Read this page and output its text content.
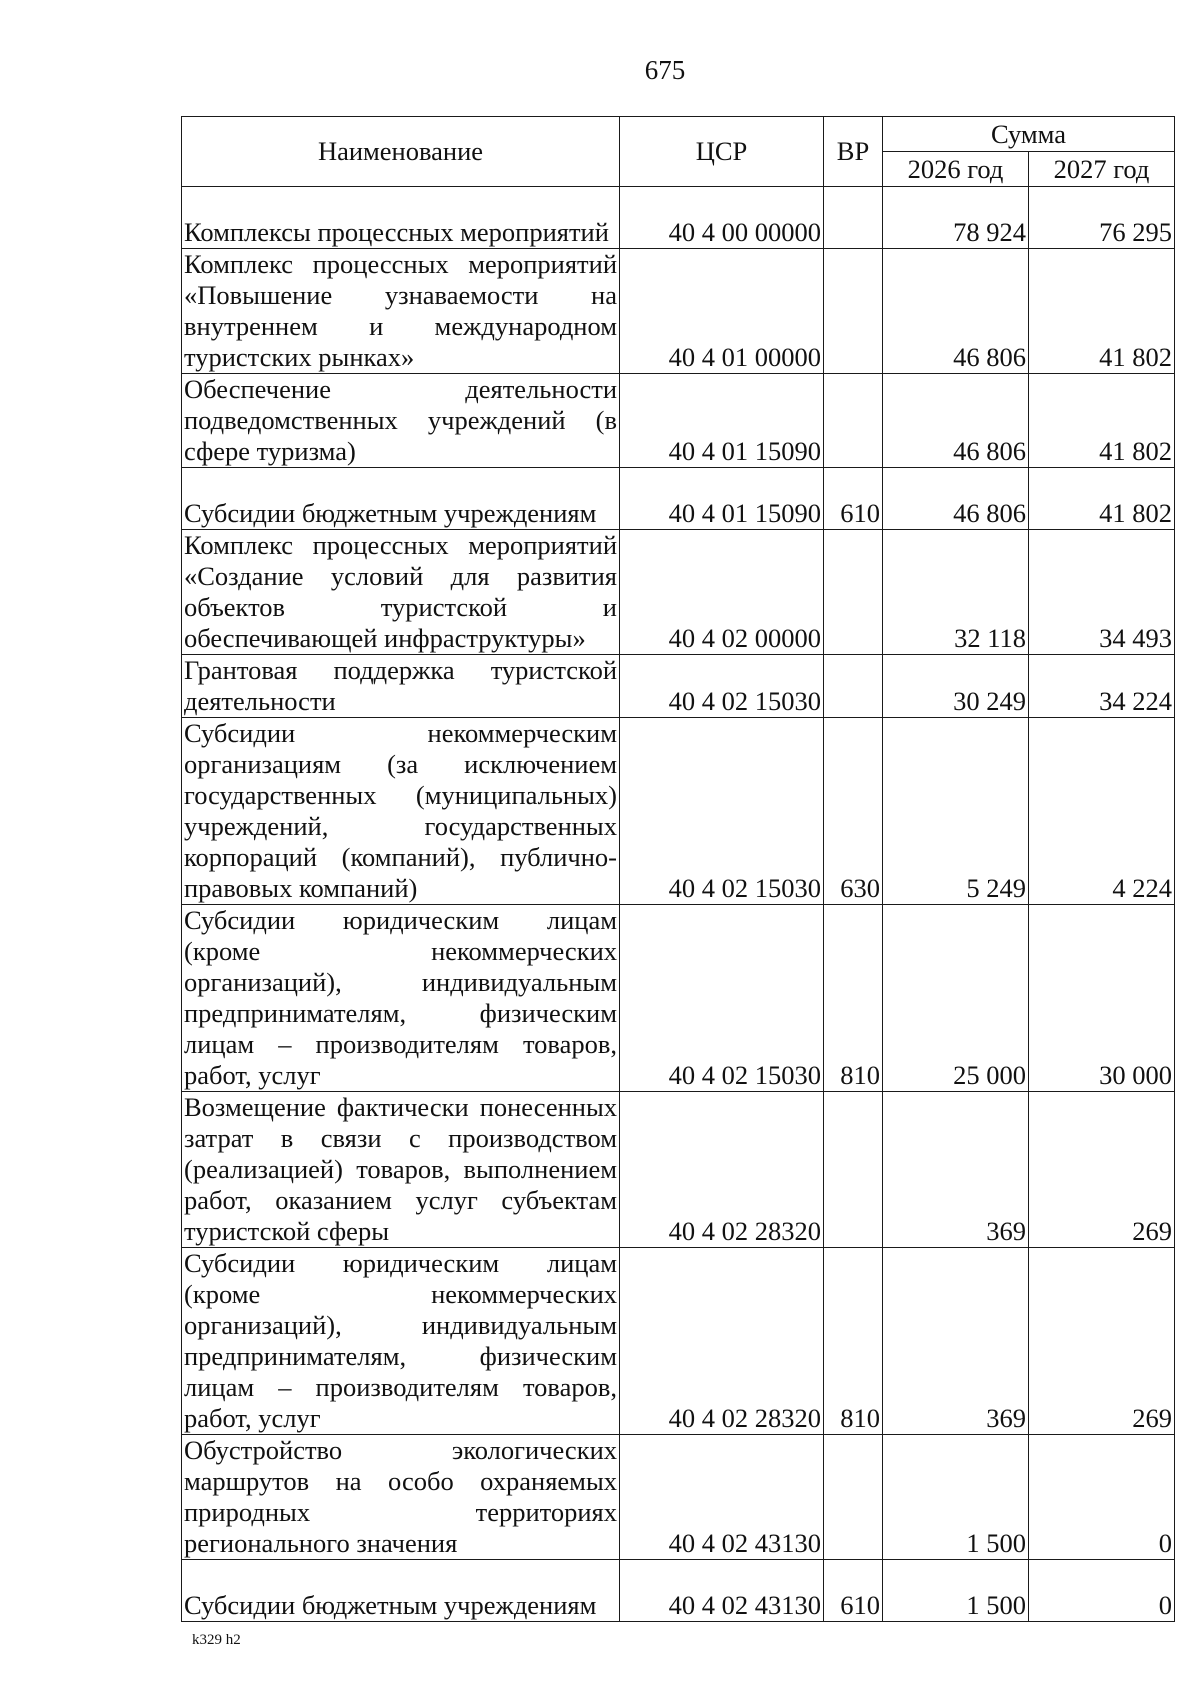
675
Наименование	ЦСР	ВР	Сумма	
			2026 год	2027 год
Комплексы процессных мероприятий	40 4 00 00000		78 924	76 295
Комплекс процессных мероприятий «Повышение узнаваемости на внутреннем и международном туристских рынках»	40 4 01 00000		46 806	41 802
Обеспечение деятельности подведомственных учреждений (в сфере туризма)	40 4 01 15090		46 806	41 802
Субсидии бюджетным учреждениям	40 4 01 15090	610	46 806	41 802
Комплекс процессных мероприятий «Создание условий для развития объектов туристской и обеспечивающей инфраструктуры»	40 4 02 00000		32 118	34 493
Грантовая поддержка туристской деятельности	40 4 02 15030		30 249	34 224
Субсидии некоммерческим организациям (за исключением государственных (муниципальных) учреждений, государственных корпораций (компаний), публично-правовых компаний)	40 4 02 15030	630	5 249	4 224
Субсидии юридическим лицам (кроме некоммерческих организаций), индивидуальным предпринимателям, физическим лицам – производителям товаров, работ, услуг	40 4 02 15030	810	25 000	30 000
Возмещение фактически понесенных затрат в связи с производством (реализацией) товаров, выполнением работ, оказанием услуг субъектам туристской сферы	40 4 02 28320		369	269
Субсидии юридическим лицам (кроме некоммерческих организаций), индивидуальным предпринимателям, физическим лицам – производителям товаров, работ, услуг	40 4 02 28320	810	369	269
Обустройство экологических маршрутов на особо охраняемых природных территориях регионального значения	40 4 02 43130		1 500	0
Субсидии бюджетным учреждениям	40 4 02 43130	610	1 500	0
k329 h2
